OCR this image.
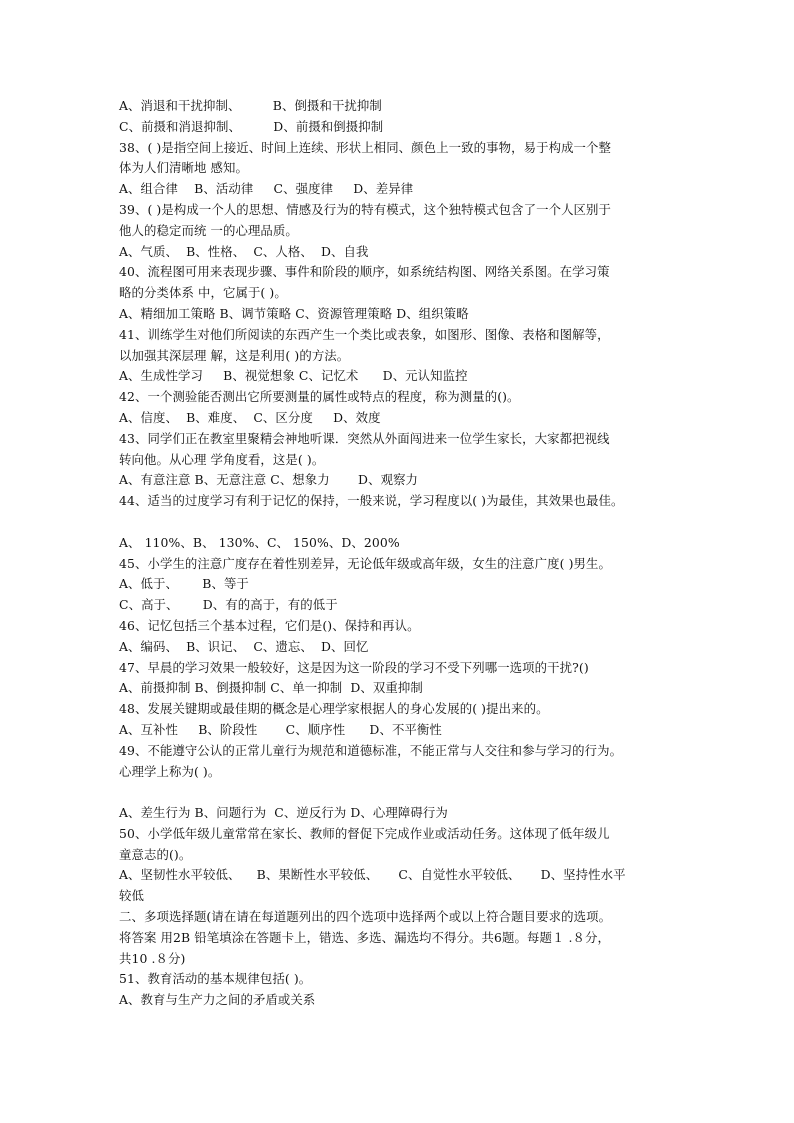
A、消退和干扰抑制、        B、倒摄和干扰抑制
C、前摄和消退抑制、        D、前摄和倒摄抑制
38、( )是指空间上接近、时间上连续、形状上相同、颜色上一致的事物，易于构成一个整
体为人们清晰地 感知。
A、组合律    B、活动律     C、强度律     D、差异律
39、( )是构成一个人的思想、情感及行为的特有模式，这个独特模式包含了一个人区别于
他人的稳定而统 一的心理品质。
A、气质、  B、性格、  C、人格、  D、自我
40、流程图可用来表现步骤、事件和阶段的顺序，如系统结构图、网络关系图。在学习策
略的分类体系 中，它属于( )。
A、精细加工策略 B、调节策略 C、资源管理策略 D、组织策略
41、训练学生对他们所阅读的东西产生一个类比或表象，如图形、图像、表格和图解等，
以加强其深层理 解，这是利用( )的方法。
A、生成性学习     B、视觉想象 C、记忆术      D、元认知监控
42、一个测验能否测出它所要测量的属性或特点的程度，称为测量的()。
A、信度、  B、难度、  C、区分度     D、效度
43、同学们正在教室里聚精会神地听课．突然从外面闯进来一位学生家长，大家都把视线
转向他。从心理 学角度看，这是( )。
A、有意注意 B、无意注意 C、想象力       D、观察力
44、适当的过度学习有利于记忆的保持，一般来说，学习程度以( )为最佳，其效果也最佳。
A、 110%、B、 130%、C、 150%、D、200%
45、小学生的注意广度存在着性别差异，无论低年级或高年级，女生的注意广度( )男生。
A、低于、      B、等于
C、高于、      D、有的高于，有的低于
46、记忆包括三个基本过程，它们是()、保持和再认。
A、编码、  B、识记、  C、遗忘、  D、回忆
47、早晨的学习效果一般较好，这是因为这一阶段的学习不受下列哪一选项的干扰?()
A、前摄抑制 B、倒摄抑制 C、单一抑制  D、双重抑制
48、发展关键期或最佳期的概念是心理学家根据人的身心发展的( )提出来的。
A、互补性     B、阶段性       C、顺序性      D、不平衡性
49、不能遵守公认的正常儿童行为规范和道德标准，不能正常与人交往和参与学习的行为。
心理学上称为( )。
A、差生行为 B、问题行为  C、逆反行为 D、心理障碍行为
50、小学低年级儿童常常在家长、教师的督促下完成作业或活动任务。这体现了低年级儿
童意志的()。
A、坚韧性水平较低、    B、果断性水平较低、     C、自觉性水平较低、     D、坚持性水平
较低
二、多项选择题(请在请在每道题列出的四个选项中选择两个或以上符合题目要求的选项。
将答案 用2B 铅笔填涂在答题卡上，错选、多选、漏选均不得分。共6题。每题１ .８分，
共10 .８分)
51、教育活动的基本规律包括( )。
A、教育与生产力之间的矛盾或关系
